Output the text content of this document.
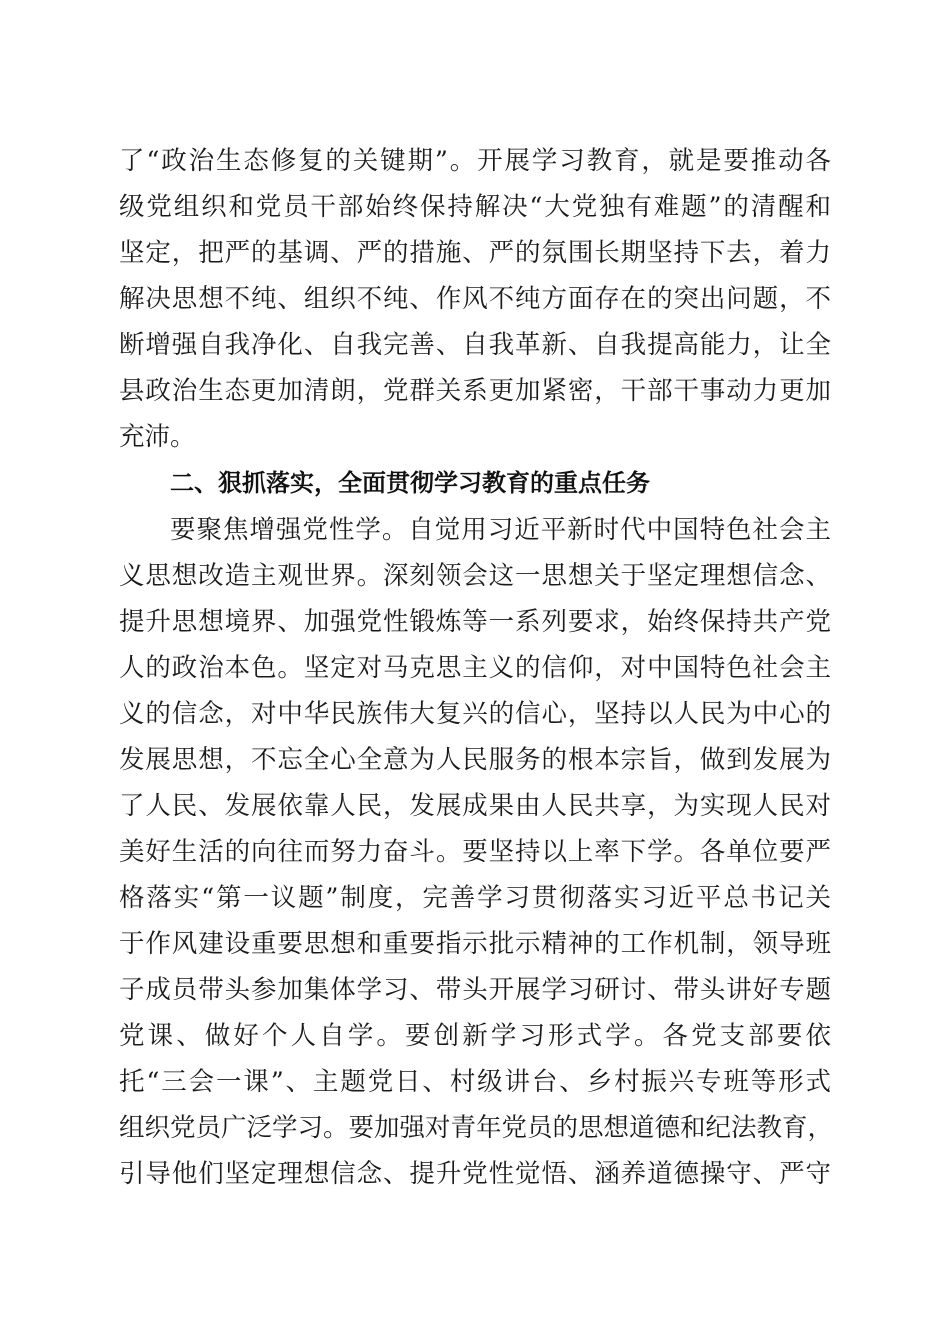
了“政治生态修复的关键期”。开展学习教育，就是要推动各
级党组织和党员干部始终保持解决“大党独有难题”的清醒和
坚定，把严的基调、严的措施、严的氛围长期坚持下去，着力
解决思想不纯、组织不纯、作风不纯方面存在的突出问题，不
断增强自我净化、自我完善、自我革新、自我提高能力，让全
县政治生态更加清朗，党群关系更加紧密，干部干事动力更加
充沛。
二、狠抓落实，全面贯彻学习教育的重点任务
要聚焦增强党性学。自觉用习近平新时代中国特色社会主
义思想改造主观世界。深刻领会这一思想关于坚定理想信念、
提升思想境界、加强党性锻炼等一系列要求，始终保持共产党
人的政治本色。坚定对马克思主义的信仰，对中国特色社会主
义的信念，对中华民族伟大复兴的信心，坚持以人民为中心的
发展思想，不忘全心全意为人民服务的根本宗旨，做到发展为
了人民、发展依靠人民，发展成果由人民共享，为实现人民对
美好生活的向往而努力奋斗。要坚持以上率下学。各单位要严
格落实“第一议题”制度，完善学习贯彻落实习近平总书记关
于作风建设重要思想和重要指示批示精神的工作机制，领导班
子成员带头参加集体学习、带头开展学习研讨、带头讲好专题
党课、做好个人自学。要创新学习形式学。各党支部要依
托“三会一课”、主题党日、村级讲台、乡村振兴专班等形式
组织党员广泛学习。要加强对青年党员的思想道德和纪法教育，
引导他们坚定理想信念、提升党性觉悟、涵养道德操守、严守
